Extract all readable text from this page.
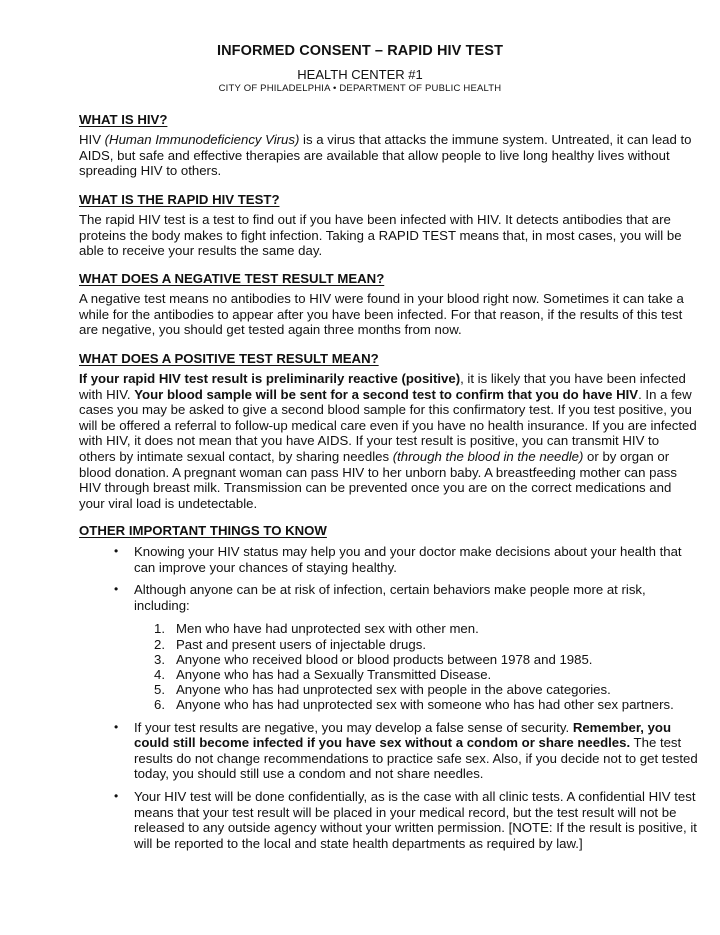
INFORMED CONSENT – RAPID HIV TEST
HEALTH CENTER #1
CITY OF PHILADELPHIA • DEPARTMENT OF PUBLIC HEALTH
WHAT IS HIV?

HIV (Human Immunodeficiency Virus) is a virus that attacks the immune system. Untreated, it can lead to AIDS, but safe and effective therapies are available that allow people to live long healthy lives without spreading HIV to others.

WHAT IS THE RAPID HIV TEST?

The rapid HIV test is a test to find out if you have been infected with HIV. It detects antibodies that are proteins the body makes to fight infection. Taking a RAPID TEST means that, in most cases, you will be able to receive your results the same day.

WHAT DOES A NEGATIVE TEST RESULT MEAN?

A negative test means no antibodies to HIV were found in your blood right now. Sometimes it can take a while for the antibodies to appear after you have been infected. For that reason, if the results of this test are negative, you should get tested again three months from now.

WHAT DOES A POSITIVE TEST RESULT MEAN?

If your rapid HIV test result is preliminarily reactive (positive), it is likely that you have been infected with HIV. Your blood sample will be sent for a second test to confirm that you do have HIV. In a few cases you may be asked to give a second blood sample for this confirmatory test. If you test positive, you will be offered a referral to follow-up medical care even if you have no health insurance. If you are infected with HIV, it does not mean that you have AIDS. If your test result is positive, you can transmit HIV to others by intimate sexual contact, by sharing needles (through the blood in the needle) or by organ or blood donation. A pregnant woman can pass HIV to her unborn baby. A breastfeeding mother can pass HIV through breast milk. Transmission can be prevented once you are on the correct medications and your viral load is undetectable.

OTHER IMPORTANT THINGS TO KNOW
• Knowing your HIV status may help you and your doctor make decisions about your health that can improve your chances of staying healthy.
• Although anyone can be at risk of infection, certain behaviors make people more at risk, including:
1. Men who have had unprotected sex with other men.
2. Past and present users of injectable drugs.
3. Anyone who received blood or blood products between 1978 and 1985.
4. Anyone who has had a Sexually Transmitted Disease.
5. Anyone who has had unprotected sex with people in the above categories.
6. Anyone who has had unprotected sex with someone who has had other sex partners.
• If your test results are negative, you may develop a false sense of security. Remember, you could still become infected if you have sex without a condom or share needles. The test results do not change recommendations to practice safe sex. Also, if you decide not to get tested today, you should still use a condom and not share needles.
• Your HIV test will be done confidentially, as is the case with all clinic tests. A confidential HIV test means that your test result will be placed in your medical record, but the test result will not be released to any outside agency without your written permission. [NOTE: If the result is positive, it will be reported to the local and state health departments as required by law.]
